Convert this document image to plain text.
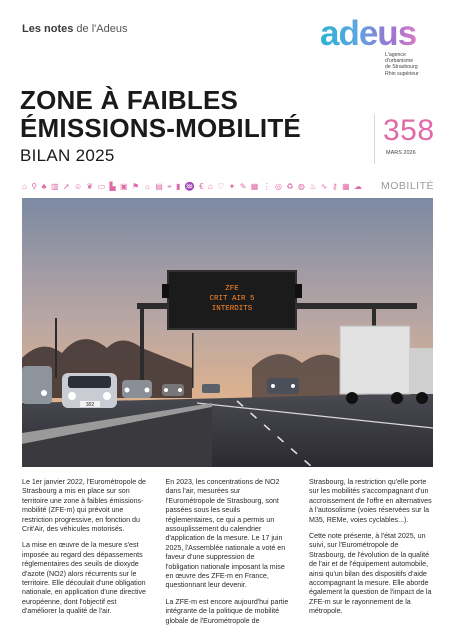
Les notes de l'Adeus	adeus
L'agence
d'urbanisme
de Strasbourg
Rhin supérieur
ZONE À FAIBLES
ÉMISSIONS-MOBILITÉ
BILAN 2025
358
MARS 2026
⌂ ⚲ ♣ ▥ ➚ ☺ ❦ ▭ ▙ ▣ ⚑ ☼ ▤ ⌖ ▮ ♒ € ⌂ ♡ ✦ ✎ ▦ ⋮ ◎ ♻ ◍ ♨ ∿ ⚷ ▦ ☁ MOBILITÉ
ZFE
CRIT AIR 5
INTERDITS
302

Le 1er janvier 2022, l'Eurométropole de Strasbourg a mis en place sur son territoire une zone à faibles émissions-mobilité (ZFE-m) qui prévoit une restriction progressive, en fonction du Crit'Air, des véhicules motorisés.

La mise en œuvre de la mesure s'est imposée au regard des dépassements réglementaires des seuils de dioxyde d'azote (NO2) alors récurrents sur le territoire. Elle découlait d'une obligation nationale, en application d'une directive européenne, dont l'objectif est d'améliorer la qualité de l'air.

En 2023, les concentrations de NO2 dans l'air, mesurées sur l'Eurométropole de Strasbourg, sont passées sous les seuils réglementaires, ce qui a permis un assouplissement du calendrier d'application de la mesure. Le 17 juin 2025, l'Assemblée nationale a voté en faveur d'une suppression de l'obligation nationale imposant la mise en œuvre des ZFE-m en France, questionnant leur devenir.

La ZFE-m est encore aujourd'hui partie intégrante de la politique de mobilité globale de l'Eurométropole de

Strasbourg, la restriction qu'elle porte sur les mobilités s'accompagnant d'un accroissement de l'offre en alternatives à l'autosolisme (voies réservées sur la M35, REMe, voies cyclables...).

Cette note présente, à l'état 2025, un suivi, sur l'Eurométropole de Strasbourg, de l'évolution de la qualité de l'air et de l'équipement automobile, ainsi qu'un bilan des dispositifs d'aide accompagnant la mesure. Elle aborde également la question de l'impact de la ZFE-m sur le rayonnement de la métropole.
